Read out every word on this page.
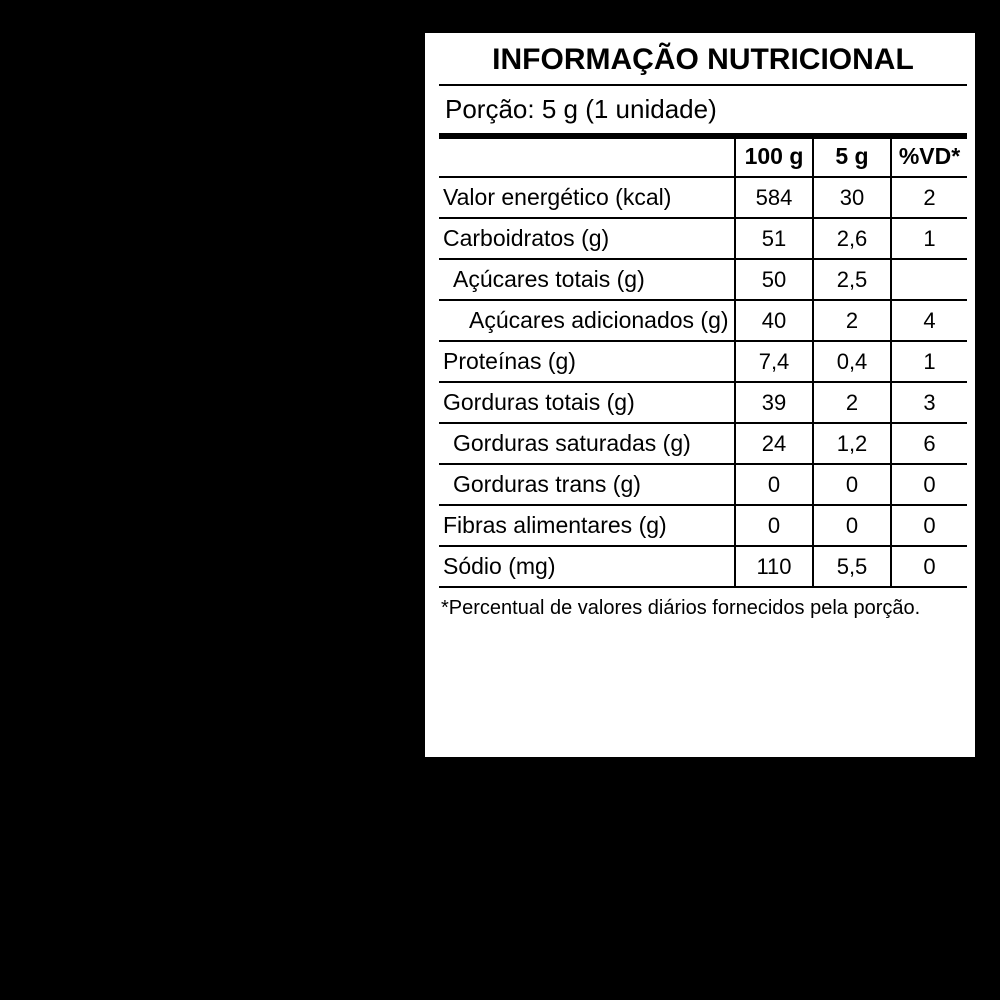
INFORMAÇÃO NUTRICIONAL
Porção: 5 g (1 unidade)
	100 g	5 g	%VD*
Valor energético (kcal)	584	30	2
Carboidratos (g)	51	2,6	1
Açúcares totais (g)	50	2,5	
Açúcares adicionados (g)	40	2	4
Proteínas (g)	7,4	0,4	1
Gorduras totais (g)	39	2	3
Gorduras saturadas (g)	24	1,2	6
Gorduras trans (g)	0	0	0
Fibras alimentares (g)	0	0	0
Sódio (mg)	110	5,5	0
*Percentual de valores diários fornecidos pela porção.
